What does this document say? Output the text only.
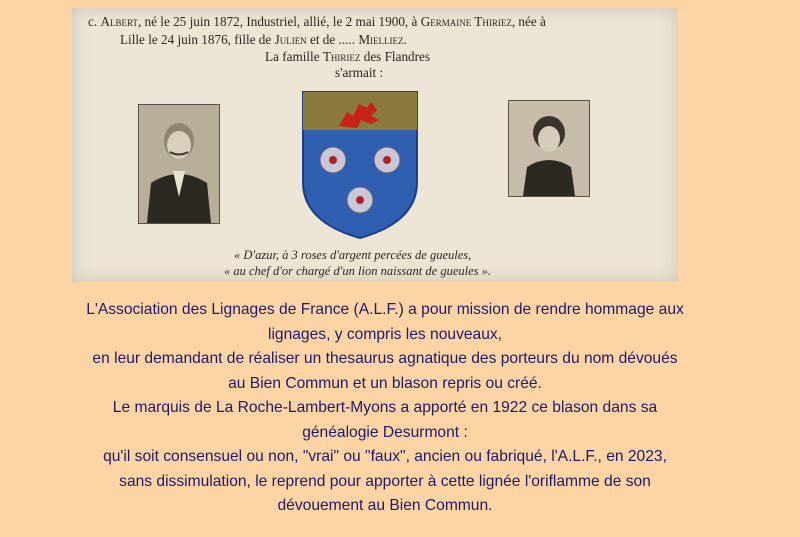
c. Albert, né le 25 juin 1872, Industriel, allié, le 2 mai 1900, à Germaine Thiriez, née à
Lille le 24 juin 1876, fille de Julien et de ..... Mielliez.
La famille Thiriez des Flandres
s'armait :
« D'azur, à 3 roses d'argent percées de gueules,
« au chef d'or chargé d'un lion naissant de gueules ».
L'Association des Lignages de France (A.L.F.) a pour mission de rendre hommage aux
lignages, y compris les nouveaux,
en leur demandant de réaliser un thesaurus agnatique des porteurs du nom dévoués
au Bien Commun et un blason repris ou créé.
Le marquis de La Roche-Lambert-Myons a apporté en 1922 ce blason dans sa
généalogie Desurmont :
qu'il soit consensuel ou non, "vrai" ou "faux", ancien ou fabriqué, l'A.L.F., en 2023,
sans dissimulation, le reprend pour apporter à cette lignée l'oriflamme de son
dévouement au Bien Commun.
